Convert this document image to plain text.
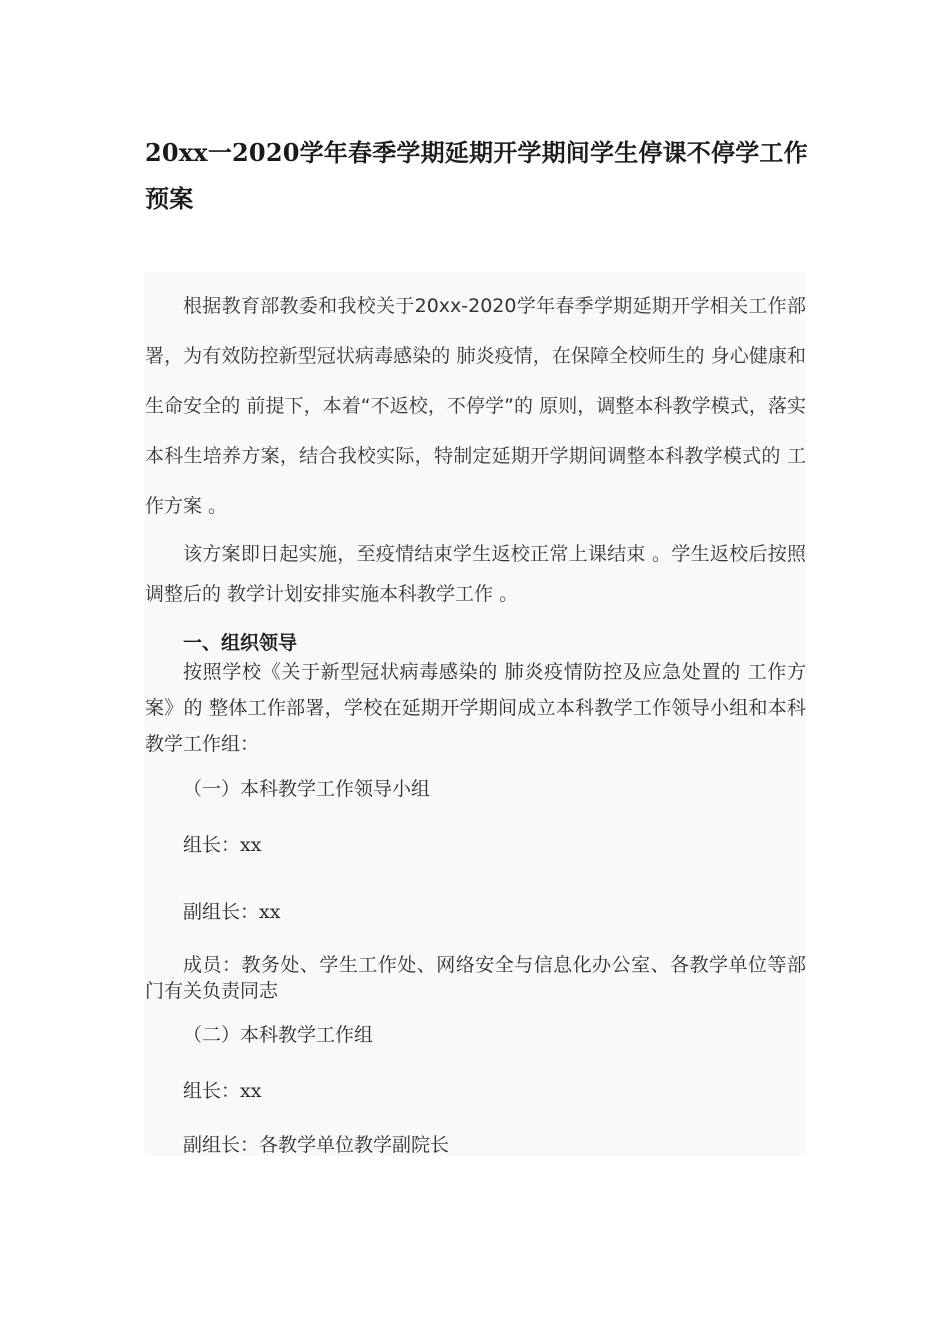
20xx一2020学年春季学期延期开学期间学生停课不停学工作预案

根据教育部教委和我校关于20xx-2020学年春季学期延期开学相关工作部署，为有效防控新型冠状病毒感染的 肺炎疫情，在保障全校师生的 身心健康和生命安全的 前提下，本着“不返校，不停学”的 原则，调整本科教学模式，落实本科生培养方案，结合我校实际，特制定延期开学期间调整本科教学模式的 工作方案 。

该方案即日起实施，至疫情结束学生返校正常上课结束 。学生返校后按照调整后的 教学计划安排实施本科教学工作 。

一、组织领导

按照学校《关于新型冠状病毒感染的 肺炎疫情防控及应急处置的 工作方案》的 整体工作部署，学校在延期开学期间成立本科教学工作领导小组和本科教学工作组：

（一）本科教学工作领导小组

组长：xx

副组长：xx

成员：教务处、学生工作处、网络安全与信息化办公室、各教学单位等部门有关负责同志

（二）本科教学工作组

组长：xx

副组长：各教学单位教学副院长
